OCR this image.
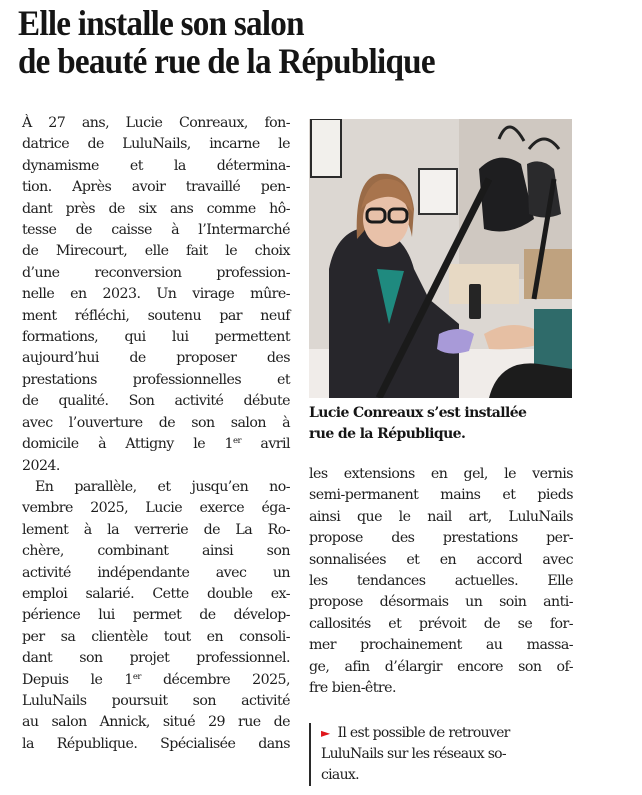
Elle installe son salon
de beauté rue de la République
À 27 ans, Lucie Conreaux, fon-
datrice de LuluNails, incarne le
dynamisme et la détermina-
tion. Après avoir travaillé pen-
dant près de six ans comme hô-
tesse de caisse à l’Intermarché
de Mirecourt, elle fait le choix
d’une reconversion profession-
nelle en 2023. Un virage mûre-
ment réfléchi, soutenu par neuf
formations, qui lui permettent
aujourd’hui de proposer des
prestations professionnelles et
de qualité. Son activité débute
avec l’ouverture de son salon à
domicile à Attigny le 1er avril
2024.
En parallèle, et jusqu’en no-
vembre 2025, Lucie exerce éga-
lement à la verrerie de La Ro-
chère, combinant ainsi son
activité indépendante avec un
emploi salarié. Cette double ex-
périence lui permet de dévelop-
per sa clientèle tout en consoli-
dant son projet professionnel.
Depuis le 1er décembre 2025,
LuluNails poursuit son activité
au salon Annick, situé 29 rue de
la République. Spécialisée dans
Lucie Conreaux s’est installée
rue de la République.
les extensions en gel, le vernis
semi-permanent mains et pieds
ainsi que le nail art, LuluNails
propose des prestations per-
sonnalisées et en accord avec
les tendances actuelles. Elle
propose désormais un soin anti-
callosités et prévoit de se for-
mer prochainement au massa-
ge, afin d’élargir encore son of-
fre bien-être.
► Il est possible de retrouver
LuluNails sur les réseaux so-
ciaux.
